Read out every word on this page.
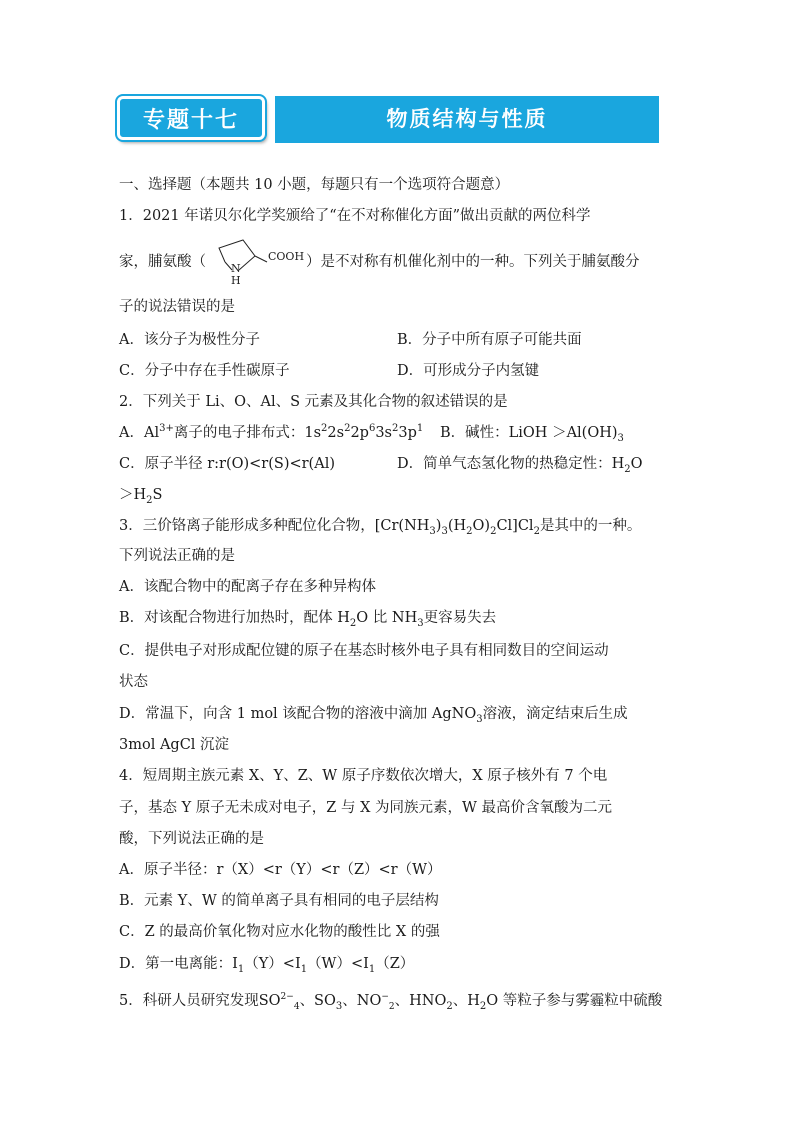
专题十七	物质结构与性质
一、选择题（本题共 10 小题，每题只有一个选项符合题意）
1．2021 年诺贝尔化学奖颁给了“在不对称催化方面”做出贡献的两位科学
家，脯氨酸（	）是不对称有机催化剂中的一种。下列关于脯氨酸分
N
H
COOH
子的说法错误的是
A．该分子为极性分子	B．分子中所有原子可能共面
C．分子中存在手性碳原子	D．可形成分子内氢键
2．下列关于 Li、O、Al、S 元素及其化合物的叙述错误的是
A．$Al^{3+}$离子的电子排布式：$1s^22s^22p^63s^23p^1$ B．碱性：LiOH $>Al(OH)_3$
C．原子半径 r:r(O)<r(S)<r(Al)	D．简单气态氢化物的热稳定性：$H_2O$
$>H_2S$
3．三价铬离子能形成多种配位化合物，$[Cr(NH_3)_3(H_2O)_2Cl]Cl_2$是其中的一种。
下列说法正确的是
A．该配合物中的配离子存在多种异构体
B．对该配合物进行加热时，配体 $H_2O$ 比 $NH_3$更容易失去
C．提供电子对形成配位键的原子在基态时核外电子具有相同数目的空间运动
状态
D．常温下，向含 1 mol 该配合物的溶液中滴加 AgNO$_3$溶液，滴定结束后生成
3mol AgCl 沉淀
4．短周期主族元素 X、Y、Z、W 原子序数依次增大，X 原子核外有 7 个电
子，基态 Y 原子无未成对电子，Z 与 X 为同族元素，W 最高价含氧酸为二元
酸，下列说法正确的是
A．原子半径：r（X）<r（Y）<r（Z）<r（W）
B．元素 Y、W 的简单离子具有相同的电子层结构
C．Z 的最高价氧化物对应水化物的酸性比 X 的强
D．第一电离能：$I_1(Y)<I_1(W)<I_1(Z)$
5．科研人员研究发现$SO^{2-}_4$、$SO_3$、$NO^-_2$、$HNO_2$、$H_2O$ 等粒子参与雾霾粒中硫酸
